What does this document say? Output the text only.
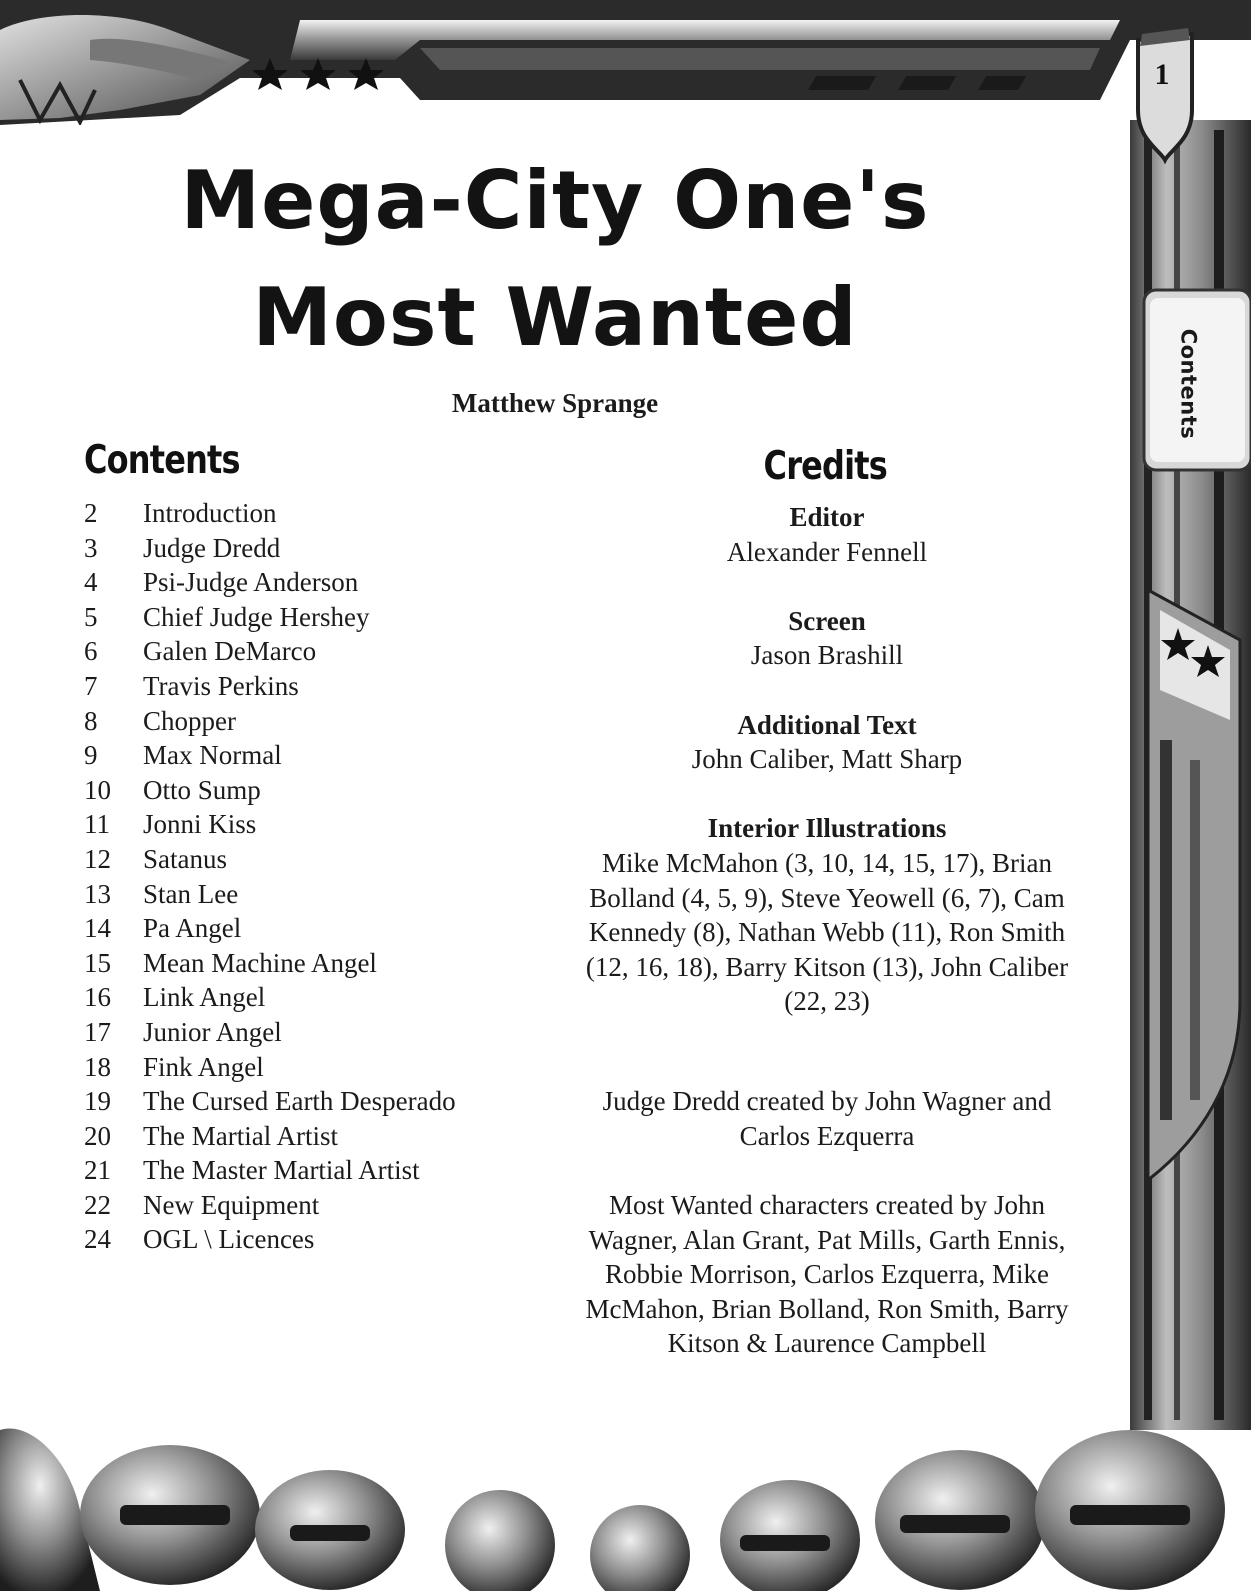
1
Contents
Mega-City One's
Most Wanted
Matthew Sprange
Contents
2	Introduction
3	Judge Dredd
4	Psi-Judge Anderson
5	Chief Judge Hershey
6	Galen DeMarco
7	Travis Perkins
8	Chopper
9	Max Normal
10	Otto Sump
11	Jonni Kiss
12	Satanus
13	Stan Lee
14	Pa Angel
15	Mean Machine Angel
16	Link Angel
17	Junior Angel
18	Fink Angel
19	The Cursed Earth Desperado
20	The Martial Artist
21	The Master Martial Artist
22	New Equipment
24	OGL \ Licences
Credits
Editor
Alexander Fennell
Screen
Jason Brashill
Additional Text
John Caliber, Matt Sharp
Interior Illustrations
Mike McMahon (3, 10, 14, 15, 17), Brian Bolland (4, 5, 9), Steve Yeowell (6, 7), Cam Kennedy (8), Nathan Webb (11), Ron Smith (12, 16, 18), Barry Kitson (13), John Caliber (22, 23)
Judge Dredd created by John Wagner and Carlos Ezquerra
Most Wanted characters created by John Wagner, Alan Grant, Pat Mills, Garth Ennis, Robbie Morrison, Carlos Ezquerra, Mike McMahon, Brian Bolland, Ron Smith, Barry Kitson & Laurence Campbell
